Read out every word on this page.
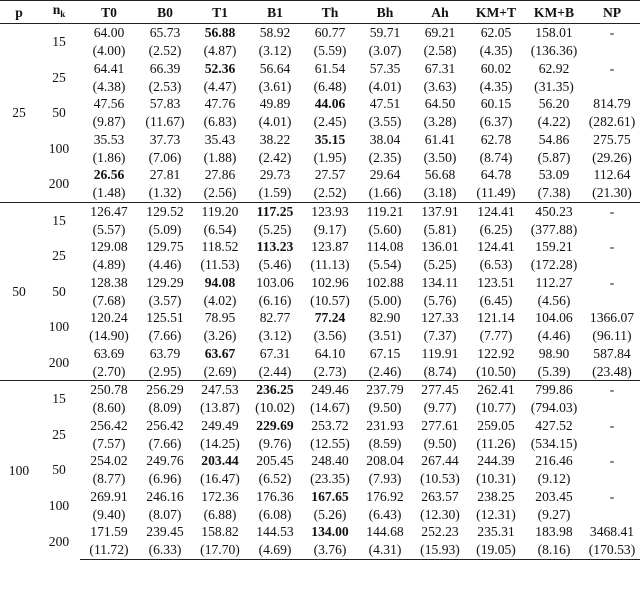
p	$n_k$	T0	B0	T1	B1	Th	Bh	Ah	KM+T	KM+B	NP
25	15	64.00	65.73	56.88	58.92	60.77	59.71	69.21	62.05	158.01	-
		(4.00)	(2.52)	(4.87)	(3.12)	(5.59)	(3.07)	(2.58)	(4.35)	(136.36)	
	25	64.41	66.39	52.36	56.64	61.54	57.35	67.31	60.02	62.92	-
		(4.38)	(2.53)	(4.47)	(3.61)	(6.48)	(4.01)	(3.63)	(4.35)	(31.35)	
	50	47.56	57.83	47.76	49.89	44.06	47.51	64.50	60.15	56.20	814.79
		(9.87)	(11.67)	(6.83)	(4.01)	(2.45)	(3.55)	(3.28)	(6.37)	(4.22)	(282.61)
	100	35.53	37.73	35.43	38.22	35.15	38.04	61.41	62.78	54.86	275.75
		(1.86)	(7.06)	(1.88)	(2.42)	(1.95)	(2.35)	(3.50)	(8.74)	(5.87)	(29.26)
	200	26.56	27.81	27.86	29.73	27.57	29.64	56.68	64.78	53.09	112.64
		(1.48)	(1.32)	(2.56)	(1.59)	(2.52)	(1.66)	(3.18)	(11.49)	(7.38)	(21.30)
50	15	126.47	129.52	119.20	117.25	123.93	119.21	137.91	124.41	450.23	-
		(5.57)	(5.09)	(6.54)	(5.25)	(9.17)	(5.60)	(5.81)	(6.25)	(377.88)	
	25	129.08	129.75	118.52	113.23	123.87	114.08	136.01	124.41	159.21	-
		(4.89)	(4.46)	(11.53)	(5.46)	(11.13)	(5.54)	(5.25)	(6.53)	(172.28)	
	50	128.38	129.29	94.08	103.06	102.96	102.88	134.11	123.51	112.27	-
		(7.68)	(3.57)	(4.02)	(6.16)	(10.57)	(5.00)	(5.76)	(6.45)	(4.56)	
	100	120.24	125.51	78.95	82.77	77.24	82.90	127.33	121.14	104.06	1366.07
		(14.90)	(7.66)	(3.26)	(3.12)	(3.56)	(3.51)	(7.37)	(7.77)	(4.46)	(96.11)
	200	63.69	63.79	63.67	67.31	64.10	67.15	119.91	122.92	98.90	587.84
		(2.70)	(2.95)	(2.69)	(2.44)	(2.73)	(2.46)	(8.74)	(10.50)	(5.39)	(23.48)
100	15	250.78	256.29	247.53	236.25	249.46	237.79	277.45	262.41	799.86	-
		(8.60)	(8.09)	(13.87)	(10.02)	(14.67)	(9.50)	(9.77)	(10.77)	(794.03)	
	25	256.42	256.42	249.49	229.69	253.72	231.93	277.61	259.05	427.52	-
		(7.57)	(7.66)	(14.25)	(9.76)	(12.55)	(8.59)	(9.50)	(11.26)	(534.15)	
	50	254.02	249.76	203.44	205.45	248.40	208.04	267.44	244.39	216.46	-
		(8.77)	(6.96)	(16.47)	(6.52)	(23.35)	(7.93)	(10.53)	(10.31)	(9.12)	
	100	269.91	246.16	172.36	176.36	167.65	176.92	263.57	238.25	203.45	-
		(9.40)	(8.07)	(6.88)	(6.08)	(5.26)	(6.43)	(12.30)	(12.31)	(9.27)	
	200	171.59	239.45	158.82	144.53	134.00	144.68	252.23	235.31	183.98	3468.41
		(11.72)	(6.33)	(17.70)	(4.69)	(3.76)	(4.31)	(15.93)	(19.05)	(8.16)	(170.53)
